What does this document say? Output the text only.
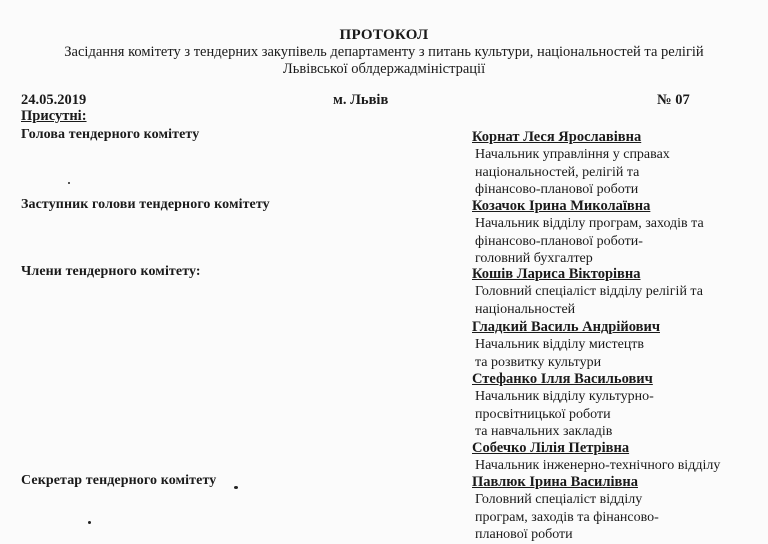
ПРОТОКОЛ
Засідання комітету з тендерних закупівель департаменту з питань культури, національностей та релігій
Львівської облдержадміністрації
24.05.2019	м. Львів	№ 07
Присутні:
Голова тендерного комітету
Заступник голови тендерного комітету
Члени тендерного комітету:
Секретар тендерного комітету
Корнат Леся Ярославівна
Начальник управління у справах
національностей, релігій та
фінансово-планової роботи
Козачок Ірина Миколаївна
Начальник відділу програм, заходів та
фінансово-планової роботи-
головний бухгалтер
Кошів Лариса Вікторівна
Головний спеціаліст відділу релігій та
національностей
Гладкий Василь Андрійович
Начальник відділу мистецтв
та розвитку культури
Стефанко Ілля Васильович
Начальник відділу культурно-
просвітницької роботи
та навчальних закладів
Собечко Лілія Петрівна
Начальник інженерно-технічного відділу
Павлюк Ірина Василівна
Головний спеціаліст відділу
програм, заходів та фінансово-
планової роботи
